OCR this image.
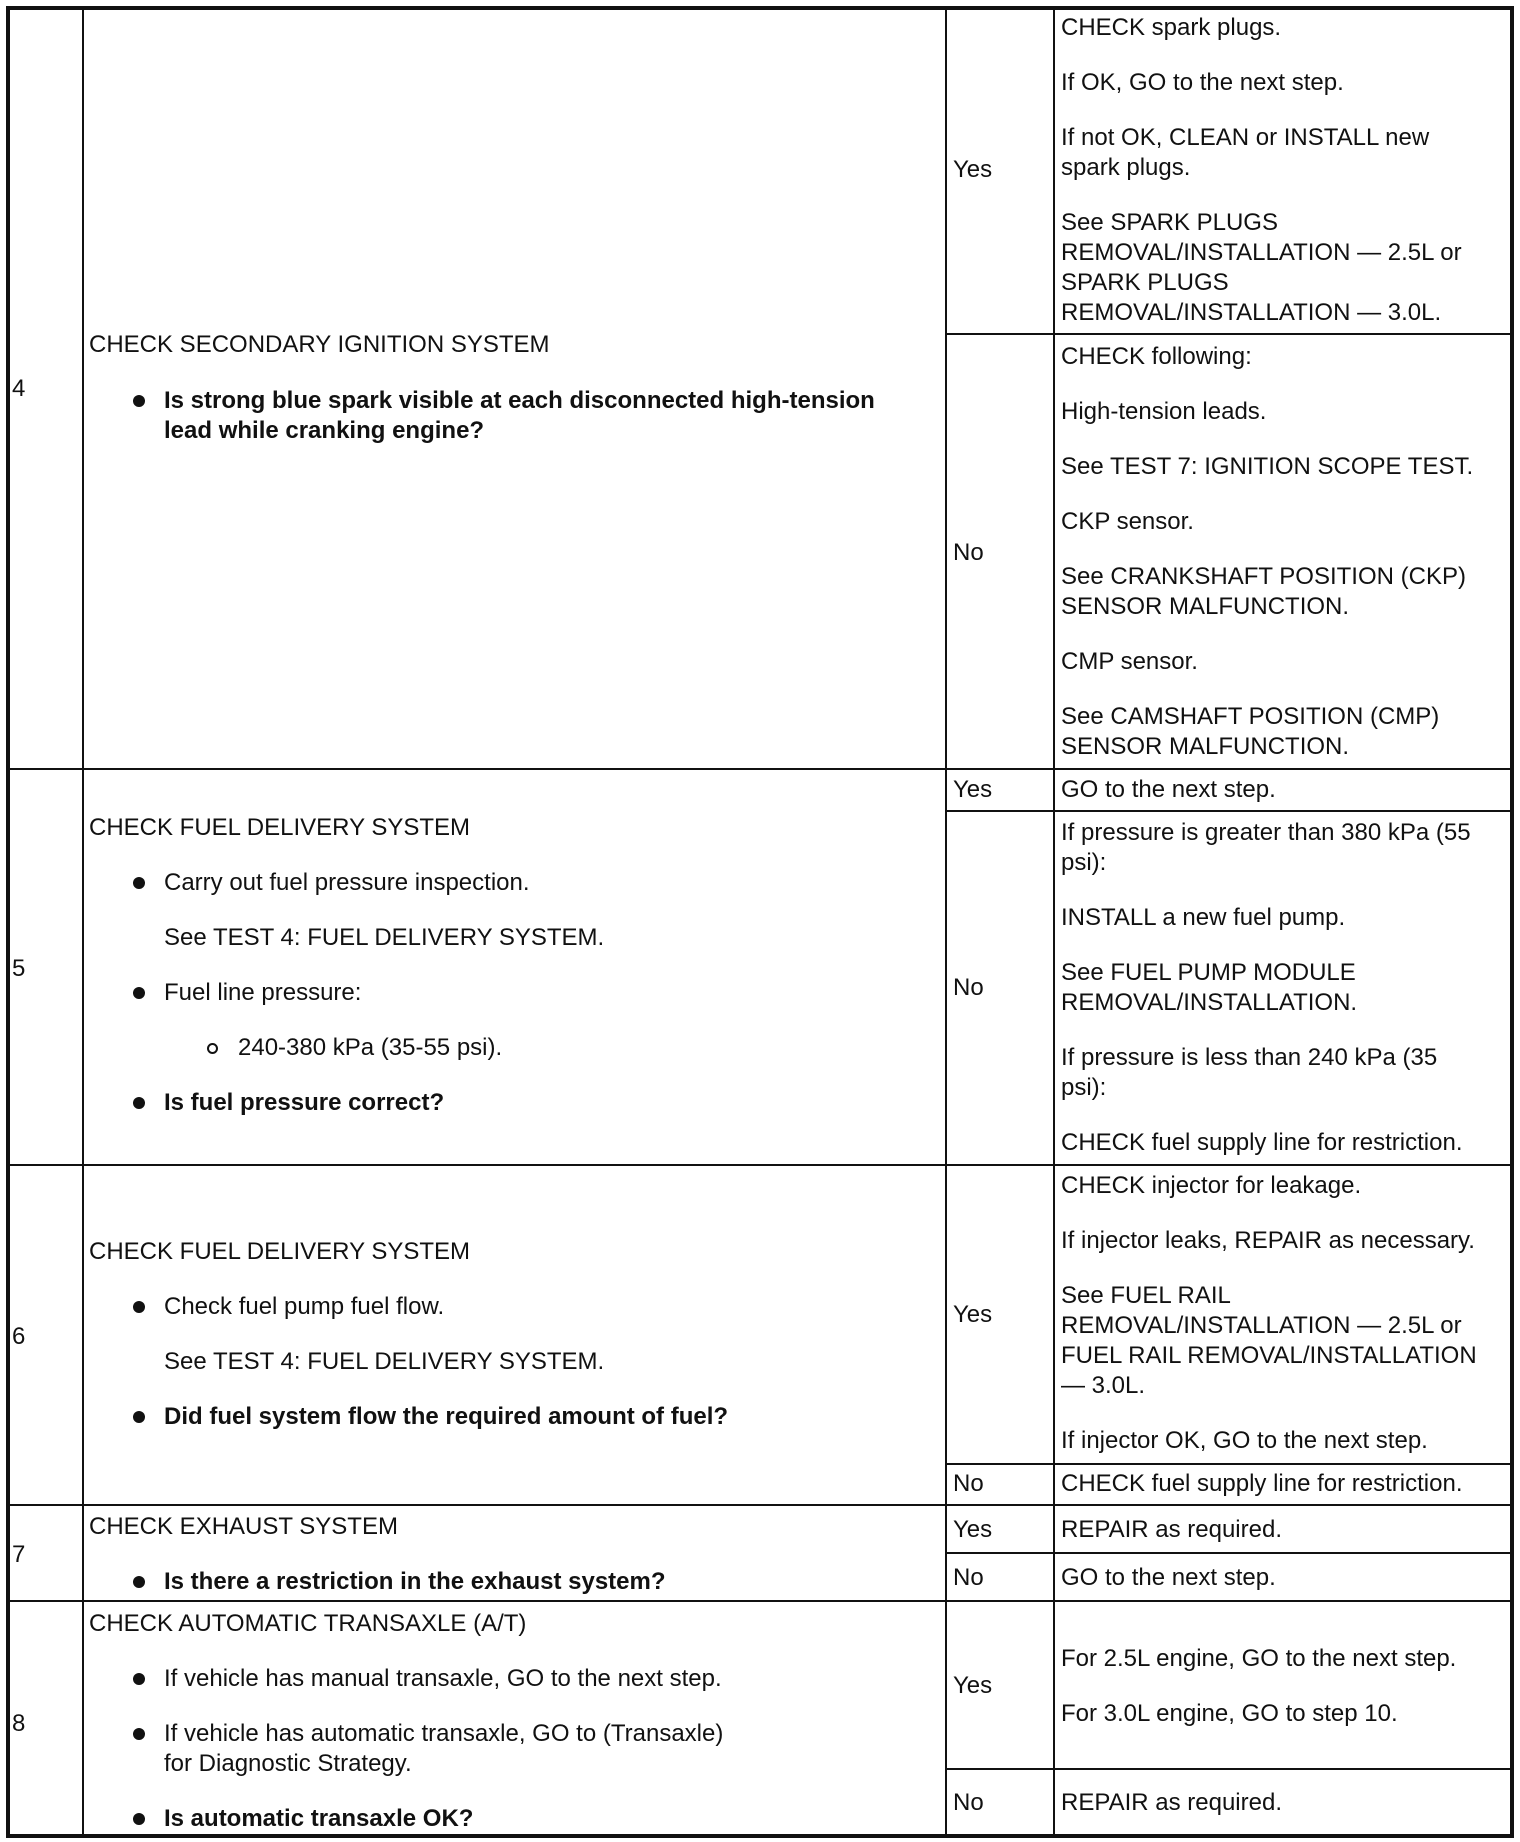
4
CHECK SECONDARY IGNITION SYSTEM
Is strong blue spark visible at each disconnected high-tension
lead while cranking engine?
Yes
CHECK spark plugs.
If OK, GO to the next step.
If not OK, CLEAN or INSTALL new
spark plugs.
See SPARK PLUGS
REMOVAL/INSTALLATION — 2.5L or
SPARK PLUGS
REMOVAL/INSTALLATION — 3.0L.
No
CHECK following:
High-tension leads.
See TEST 7: IGNITION SCOPE TEST.
CKP sensor.
See CRANKSHAFT POSITION (CKP)
SENSOR MALFUNCTION.
CMP sensor.
See CAMSHAFT POSITION (CMP)
SENSOR MALFUNCTION.
5
CHECK FUEL DELIVERY SYSTEM
Carry out fuel pressure inspection.
See TEST 4: FUEL DELIVERY SYSTEM.
Fuel line pressure:
240-380 kPa (35-55 psi).
Is fuel pressure correct?
Yes	GO to the next step.
No
If pressure is greater than 380 kPa (55
psi):
INSTALL a new fuel pump.
See FUEL PUMP MODULE
REMOVAL/INSTALLATION.
If pressure is less than 240 kPa (35
psi):
CHECK fuel supply line for restriction.
6
CHECK FUEL DELIVERY SYSTEM
Check fuel pump fuel flow.
See TEST 4: FUEL DELIVERY SYSTEM.
Did fuel system flow the required amount of fuel?
Yes
CHECK injector for leakage.
If injector leaks, REPAIR as necessary.
See FUEL RAIL
REMOVAL/INSTALLATION — 2.5L or
FUEL RAIL REMOVAL/INSTALLATION
— 3.0L.
If injector OK, GO to the next step.
No	CHECK fuel supply line for restriction.
7
CHECK EXHAUST SYSTEM
Is there a restriction in the exhaust system?
Yes	REPAIR as required.
No	GO to the next step.
8
CHECK AUTOMATIC TRANSAXLE (A/T)
If vehicle has manual transaxle, GO to the next step.
If vehicle has automatic transaxle, GO to (Transaxle)
for Diagnostic Strategy.
Is automatic transaxle OK?
Yes
For 2.5L engine, GO to the next step.
For 3.0L engine, GO to step 10.
No	REPAIR as required.
